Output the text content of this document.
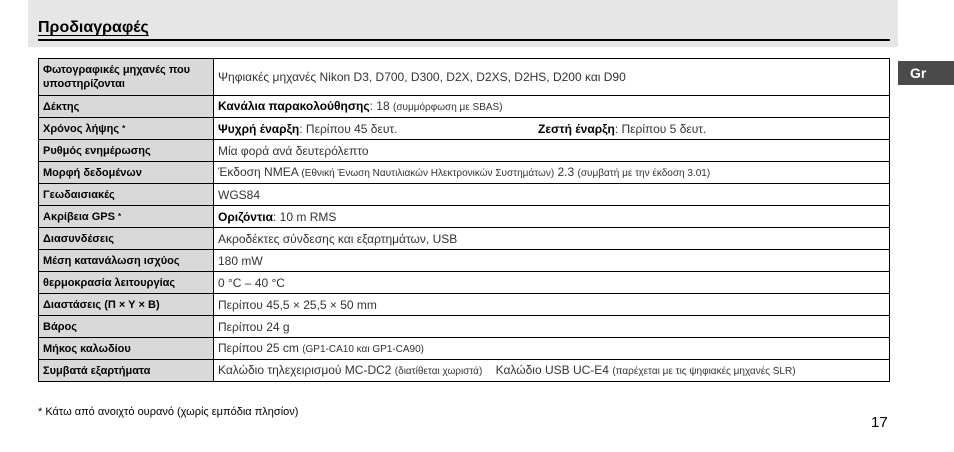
Προδιαγραφές
Gr
Φωτογραφικές μηχανές που υποστηρίζονται	Ψηφιακές μηχανές Nikon D3, D700, D300, D2X, D2XS, D2HS, D200 και D90
Δέκτης	Κανάλια παρακολούθησης: 18 (συμμόρφωση με SBAS)
Χρόνος λήψης *	Ψυχρή έναρξη: Περίπου 45 δευτ. Ζεστή έναρξη: Περίπου 5 δευτ.

Ρυθμός ενημέρωσης	Μία φορά ανά δευτερόλεπτο
Μορφή δεδομένων	Έκδοση NMEA (Εθνική Ένωση Ναυτιλιακών Ηλεκτρονικών Συστημάτων) 2.3 (συμβατή με την έκδοση 3.01)
Γεωδαισιακές	WGS84
Ακρίβεια GPS *	Οριζόντια: 10 m RMS
Διασυνδέσεις	Ακροδέκτες σύνδεσης και εξαρτημάτων, USB
Μέση κατανάλωση ισχύος	180 mW
θερμοκρασία λειτουργίας	0 °C – 40 °C
Διαστάσεις (Π × Υ × Β)	Περίπου 45,5 × 25,5 × 50 mm
Βάρος	Περίπου 24 g
Μήκος καλωδίου	Περίπου 25 cm (GP1-CA10 και GP1-CA90)
Συμβατά εξαρτήματα	Καλώδιο τηλεχειρισμού MC-DC2 (διατίθεται χωριστά) Καλώδιο USB UC-E4 (παρέχεται με τις ψηφιακές μηχανές SLR)
* Κάτω από ανοιχτό ουρανό (χωρίς εμπόδια πλησίον)
17
